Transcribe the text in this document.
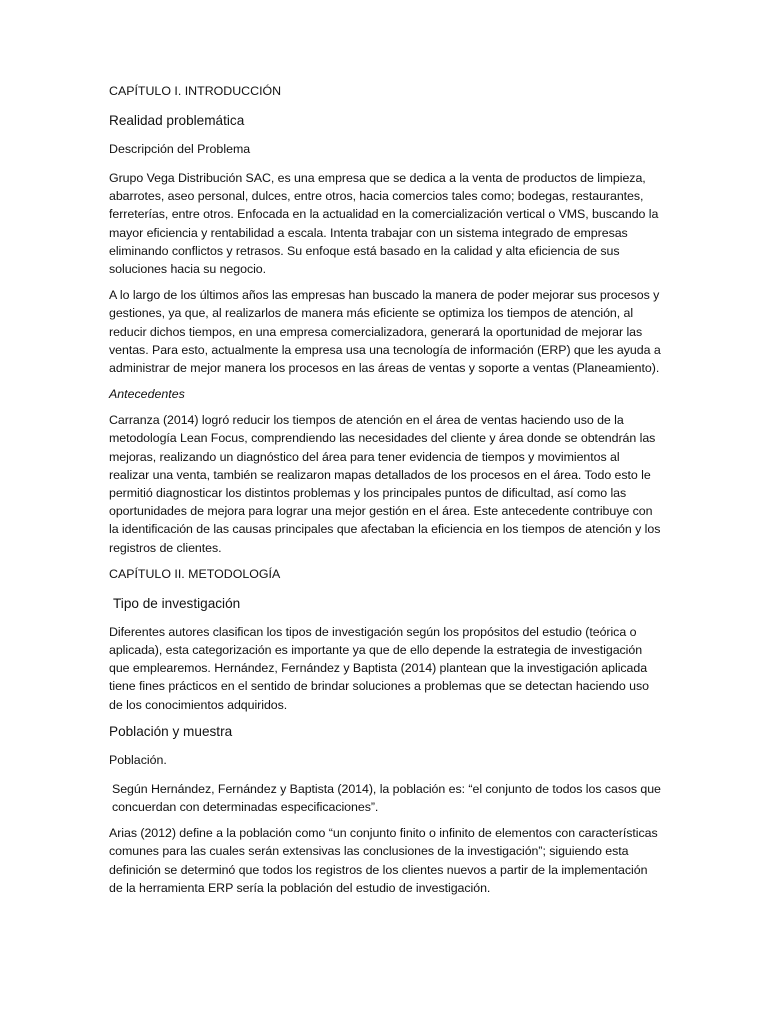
CAPÍTULO I. INTRODUCCIÓN
Realidad problemática
Descripción del Problema

Grupo Vega Distribución SAC, es una empresa que se dedica a la venta de productos de limpieza, abarrotes, aseo personal, dulces, entre otros, hacia comercios tales como; bodegas, restaurantes, ferreterías, entre otros. Enfocada en la actualidad en la comercialización vertical o VMS, buscando la mayor eficiencia y rentabilidad a escala. Intenta trabajar con un sistema integrado de empresas eliminando conflictos y retrasos. Su enfoque está basado en la calidad y alta eficiencia de sus soluciones hacia su negocio.

A lo largo de los últimos años las empresas han buscado la manera de poder mejorar sus procesos y gestiones, ya que, al realizarlos de manera más eficiente se optimiza los tiempos de atención, al reducir dichos tiempos, en una empresa comercializadora, generará la oportunidad de mejorar las ventas. Para esto, actualmente la empresa usa una tecnología de información (ERP) que les ayuda a administrar de mejor manera los procesos en las áreas de ventas y soporte a ventas (Planeamiento).

Antecedentes

Carranza (2014) logró reducir los tiempos de atención en el área de ventas haciendo uso de la metodología Lean Focus, comprendiendo las necesidades del cliente y área donde se obtendrán las mejoras, realizando un diagnóstico del área para tener evidencia de tiempos y movimientos al realizar una venta, también se realizaron mapas detallados de los procesos en el área. Todo esto le permitió diagnosticar los distintos problemas y los principales puntos de dificultad, así como las oportunidades de mejora para lograr una mejor gestión en el área. Este antecedente contribuye con la identificación de las causas principales que afectaban la eficiencia en los tiempos de atención y los registros de clientes.

CAPÍTULO II. METODOLOGÍA
Tipo de investigación

Diferentes autores clasifican los tipos de investigación según los propósitos del estudio (teórica o aplicada), esta categorización es importante ya que de ello depende la estrategia de investigación que emplearemos. Hernández, Fernández y Baptista (2014) plantean que la investigación aplicada tiene fines prácticos en el sentido de brindar soluciones a problemas que se detectan haciendo uso de los conocimientos adquiridos.

Población y muestra
Población.

Según Hernández, Fernández y Baptista (2014), la población es: “el conjunto de todos los casos que concuerdan con determinadas especificaciones”.

Arias (2012) define a la población como “un conjunto finito o infinito de elementos con características comunes para las cuales serán extensivas las conclusiones de la investigación”; siguiendo esta definición se determinó que todos los registros de los clientes nuevos a partir de la implementación de la herramienta ERP sería la población del estudio de investigación.
